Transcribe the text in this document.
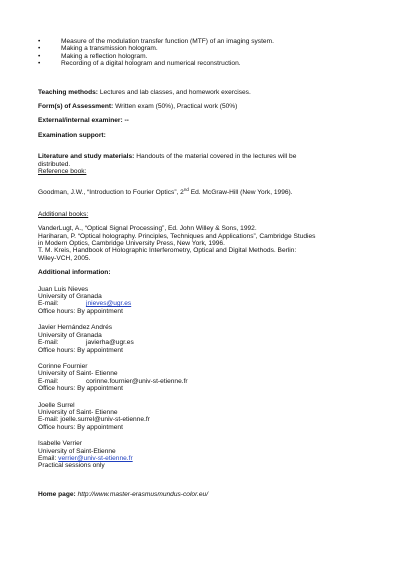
• Measure of the modulation transfer function (MTF) of an imaging system.
• Making a transmission hologram.
• Making a reflection hologram.
• Recording of a digital hologram and numerical reconstruction.

Teaching methods: Lectures and lab classes, and homework exercises.

Form(s) of Assessment: Written exam (50%), Practical work (50%)

External/internal examiner: --

Examination support:

Literature and study materials: Handouts of the material covered in the lectures will be
distributed.
Reference book:
Goodman, J.W., “Introduction to Fourier Optics”, 2nd Ed. McGraw-Hill (New York, 1996).
Additional books:
VanderLugt, A., “Optical Signal Processing”, Ed. John Willey & Sons, 1992.
Hariharan, P. “Optical holography. Principles, Techniques and Applications”, Cambridge Studies
in Modern Optics, Cambridge University Press, New York, 1996.
T. M. Kreis, Handbook of Holographic Interferometry, Optical and Digital Methods. Berlin:
Wiley-VCH, 2005.
Additional information:
Juan Luis Nieves
University of Granada
E-mail:	jnieves@ugr.es
Office hours: By appointment
Javier Hernández Andrés
University of Granada
E-mail:	javierha@ugr.es
Office hours: By appointment
Corinne Fournier
University of Saint- Etienne
E-mail:	corinne.fournier@univ-st-etienne.fr
Office hours: By appointment
Joelle Surrel
University of Saint- Etienne
E-mail: joelle.surrel@univ-st-etienne.fr
Office hours: By appointment
Isabelle Verrier
University of Saint-Etienne
Email: verrier@univ-st-etienne.fr
Practical sessions only

Home page: http://www.master-erasmusmundus-color.eu/
